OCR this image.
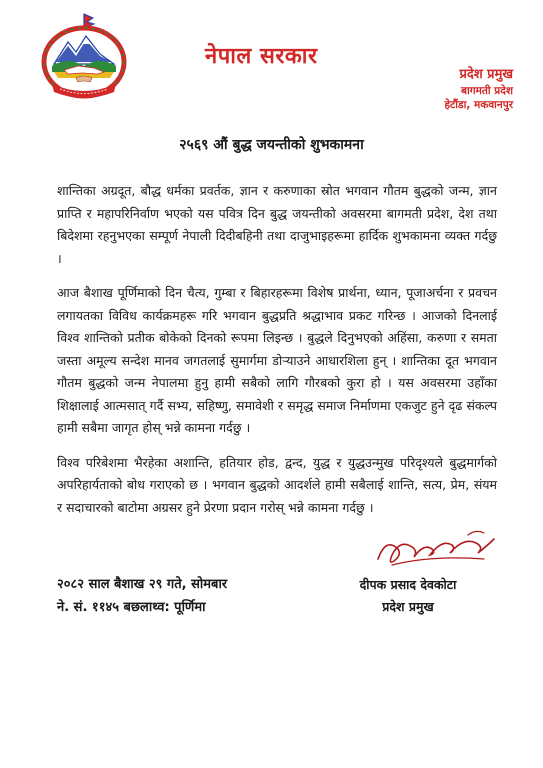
नेपाल सरकार
प्रदेश प्रमुख
बागमती प्रदेश
हेटौंडा, मकवानपुर
२५६९ औं बुद्ध जयन्तीको शुभकामना

शान्तिका अग्रदूत, बौद्ध धर्मका प्रवर्तक, ज्ञान र करुणाका स्रोत भगवान गौतम बुद्धको जन्म, ज्ञान प्राप्ति र महापरिनिर्वाण भएको यस पवित्र दिन बुद्ध जयन्तीको अवसरमा बागमती प्रदेश, देश तथा बिदेशमा रहनुभएका सम्पूर्ण नेपाली दिदीबहिनी तथा दाजुभाइहरूमा हार्दिक शुभकामना व्यक्त गर्दछु ।

आज बैशाख पूर्णिमाको दिन चैत्य, गुम्बा र बिहारहरूमा विशेष प्रार्थना, ध्यान, पूजाअर्चना र प्रवचन लगायतका विविध कार्यक्रमहरू गरि भगवान बुद्धप्रति श्रद्धाभाव प्रकट गरिन्छ । आजको दिनलाई विश्व शान्तिको प्रतीक बोकेको दिनको रूपमा लिइन्छ । बुद्धले दिनुभएको अहिंसा, करुणा र समता जस्ता अमूल्य सन्देश मानव जगतलाई सुमार्गमा डोर्‍याउने आधारशिला हुन् । शान्तिका दूत भगवान गौतम बुद्धको जन्म नेपालमा हुनु हामी सबैको लागि गौरबको कुरा हो । यस अवसरमा उहाँका शिक्षालाई आत्मसात् गर्दै सभ्य, सहिष्णु, समावेशी र समृद्ध समाज निर्माणमा एकजुट हुने दृढ संकल्प हामी सबैमा जागृत होस् भन्ने कामना गर्दछु ।

विश्व परिबेशमा भैरहेका अशान्ति, हतियार होड, द्वन्द, युद्ध र युद्धउन्मुख परिदृश्यले बुद्धमार्गको अपरिहार्यताको बोध गराएको छ । भगवान बुद्धको आदर्शले हामी सबैलाई शान्ति, सत्य, प्रेम, संयम र सदाचारको बाटोमा अग्रसर हुने प्रेरणा प्रदान गरोस् भन्ने कामना गर्दछु ।

२०८२ साल बैशाख २९ गते, सोमबार
ने. सं. ११४५ बछलाथ्व: पूर्णिमा
दीपक प्रसाद देवकोटा
प्रदेश प्रमुख
